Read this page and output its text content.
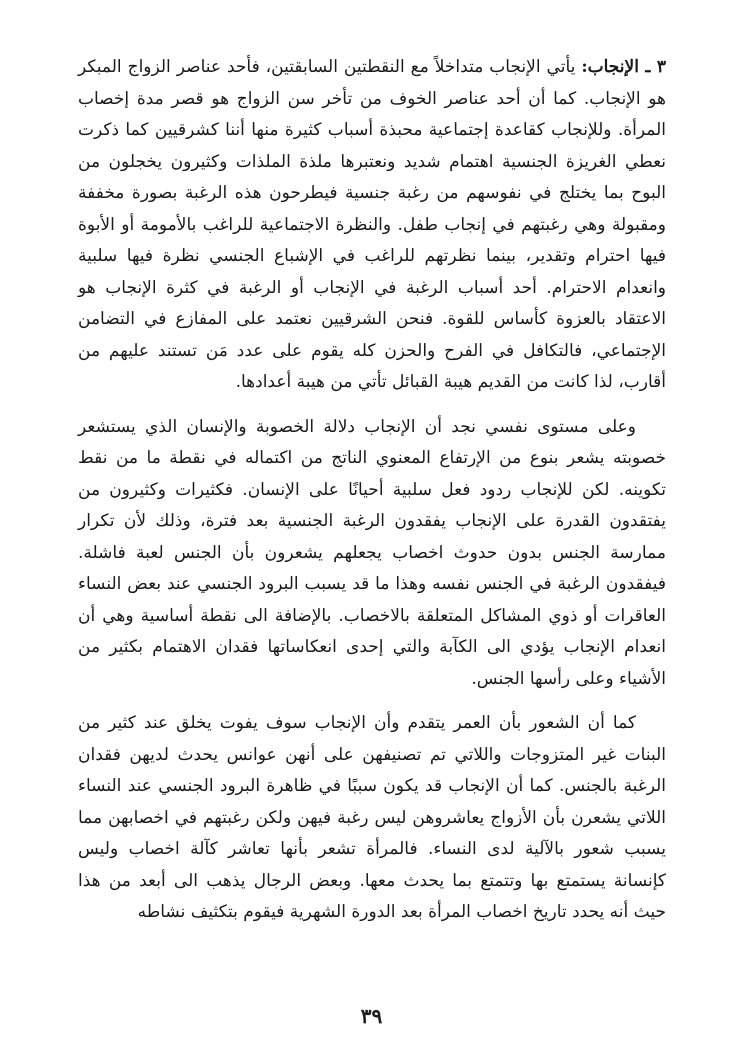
٣ ـ الإنجاب: يأتي الإنجاب متداخلاً مع النقطتين السابقتين، فأحد عناصر الزواج المبكر هو الإنجاب. كما أن أحد عناصر الخوف من تأخر سن الزواج هو قصر مدة إخصاب المرأة. وللإنجاب كقاعدة إجتماعية محبذة أسباب كثيرة منها أننا كشرقيين كما ذكرت نعطي الغريزة الجنسية اهتمام شديد ونعتبرها ملذة الملذات وكثيرون يخجلون من البوح بما يختلج في نفوسهم من رغبة جنسية فيطرحون هذه الرغبة بصورة مخففة ومقبولة وهي رغبتهم في إنجاب طفل. والنظرة الاجتماعية للراغب بالأمومة أو الأبوة فيها احترام وتقدير، بينما نظرتهم للراغب في الإشباع الجنسي نظرة فيها سلبية وانعدام الاحترام. أحد أسباب الرغبة في الإنجاب أو الرغبة في كثرة الإنجاب هو الاعتقاد بالعزوة كأساس للقوة. فنحن الشرقيين نعتمد على المفازع في التضامن الإجتماعي، فالتكافل في الفرح والحزن كله يقوم على عدد مَن تستند عليهم من أقارب، لذا كانت من القديم هيبة القبائل تأتي من هيبة أعدادها.

وعلى مستوى نفسي نجد أن الإنجاب دلالة الخصوبة والإنسان الذي يستشعر خصوبته يشعر بنوع من الإرتفاع المعنوي الناتج من اكتماله في نقطة ما من نقط تكوينه. لكن للإنجاب ردود فعل سلبية أحيانًا على الإنسان. فكثيرات وكثيرون من يفتقدون القدرة على الإنجاب يفقدون الرغبة الجنسية بعد فترة، وذلك لأن تكرار ممارسة الجنس بدون حدوث اخصاب يجعلهم يشعرون بأن الجنس لعبة فاشلة. فيفقدون الرغبة في الجنس نفسه وهذا ما قد يسبب البرود الجنسي عند بعض النساء العاقرات أو ذوي المشاكل المتعلقة بالاخصاب. بالإضافة الى نقطة أساسية وهي أن انعدام الإنجاب يؤدي الى الكآبة والتي إحدى انعكاساتها فقدان الاهتمام بكثير من الأشياء وعلى رأسها الجنس.

كما أن الشعور بأن العمر يتقدم وأن الإنجاب سوف يفوت يخلق عند كثير من البنات غير المتزوجات واللاتي تم تصنيفهن على أنهن عوانس يحدث لديهن فقدان الرغبة بالجنس. كما أن الإنجاب قد يكون سببًا في ظاهرة البرود الجنسي عند النساء اللاتي يشعرن بأن الأزواج يعاشروهن ليس رغبة فيهن ولكن رغبتهم في اخصابهن مما يسبب شعور بالآلية لدى النساء. فالمرأة تشعر بأنها تعاشر كآلة اخصاب وليس كإنسانة يستمتع بها وتتمتع بما يحدث معها. وبعض الرجال يذهب الى أبعد من هذا حيث أنه يحدد تاريخ اخصاب المرأة بعد الدورة الشهرية فيقوم بتكثيف نشاطه

٣٩
